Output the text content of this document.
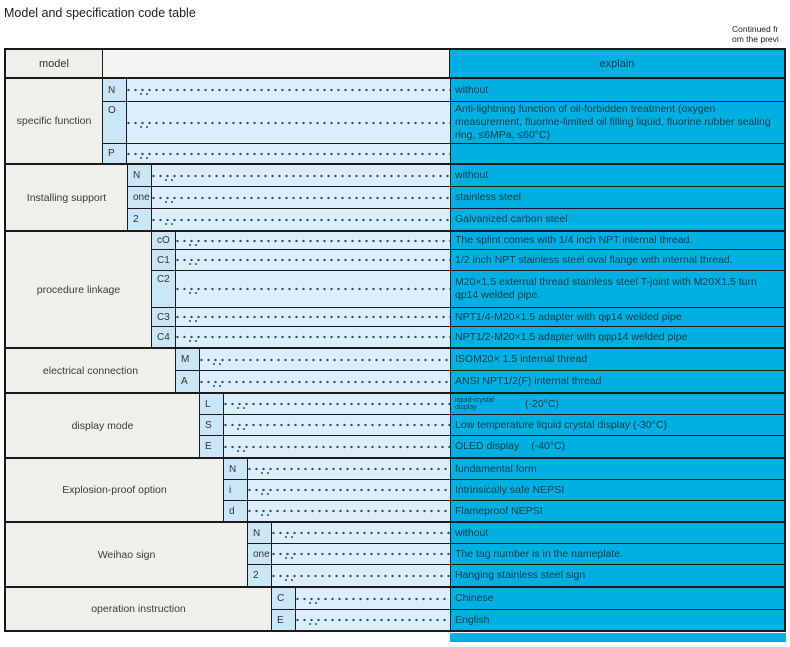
Model and specification code table
Continued fr
om the previ
model	explain
specific function
N	without
O	Anti-lightning function of oil-forbidden treatment (oxygen measurement, fluorine-limited oil filling liquid, fluorine rubber sealing ring, ≤6MPa, ≤60°C)
P
Installing support
N	without
one	stainless steel
2	Galvanized carbon steel
procedure linkage
cO	The splint comes with 1/4 inch NPT internal thread.
C1	1/2 inch NPT stainless steel oval flange with internal thread.
C2	M20×1.5 external thread stainless steel T-joint with M20X1.5 turn qp14 welded pipe.
C3	NPT1/4-M20×1.5 adapter with qφ14 welded pipe
C4	NPT1/2-M20×1.5 adapter with qφp14 welded pipe
electrical connection
M	ISOM20× 1.5 internal thread
A	ANSI NPT1/2(F) internal thread
display mode
L	liquid-crystal display	(-20°C)
S	Low temperature liquid crystal display (-30°C)
E	OLED display (-40°C)
Explosion-proof option
N	fundamental form
i	Intrinsically safe NEPSI
d	Flameproof NEPSI
Weihao sign
N	without
one	The tag number is in the nameplate.
2	Hanging stainless steel sign
operation instruction
C	Chinese
E	English
